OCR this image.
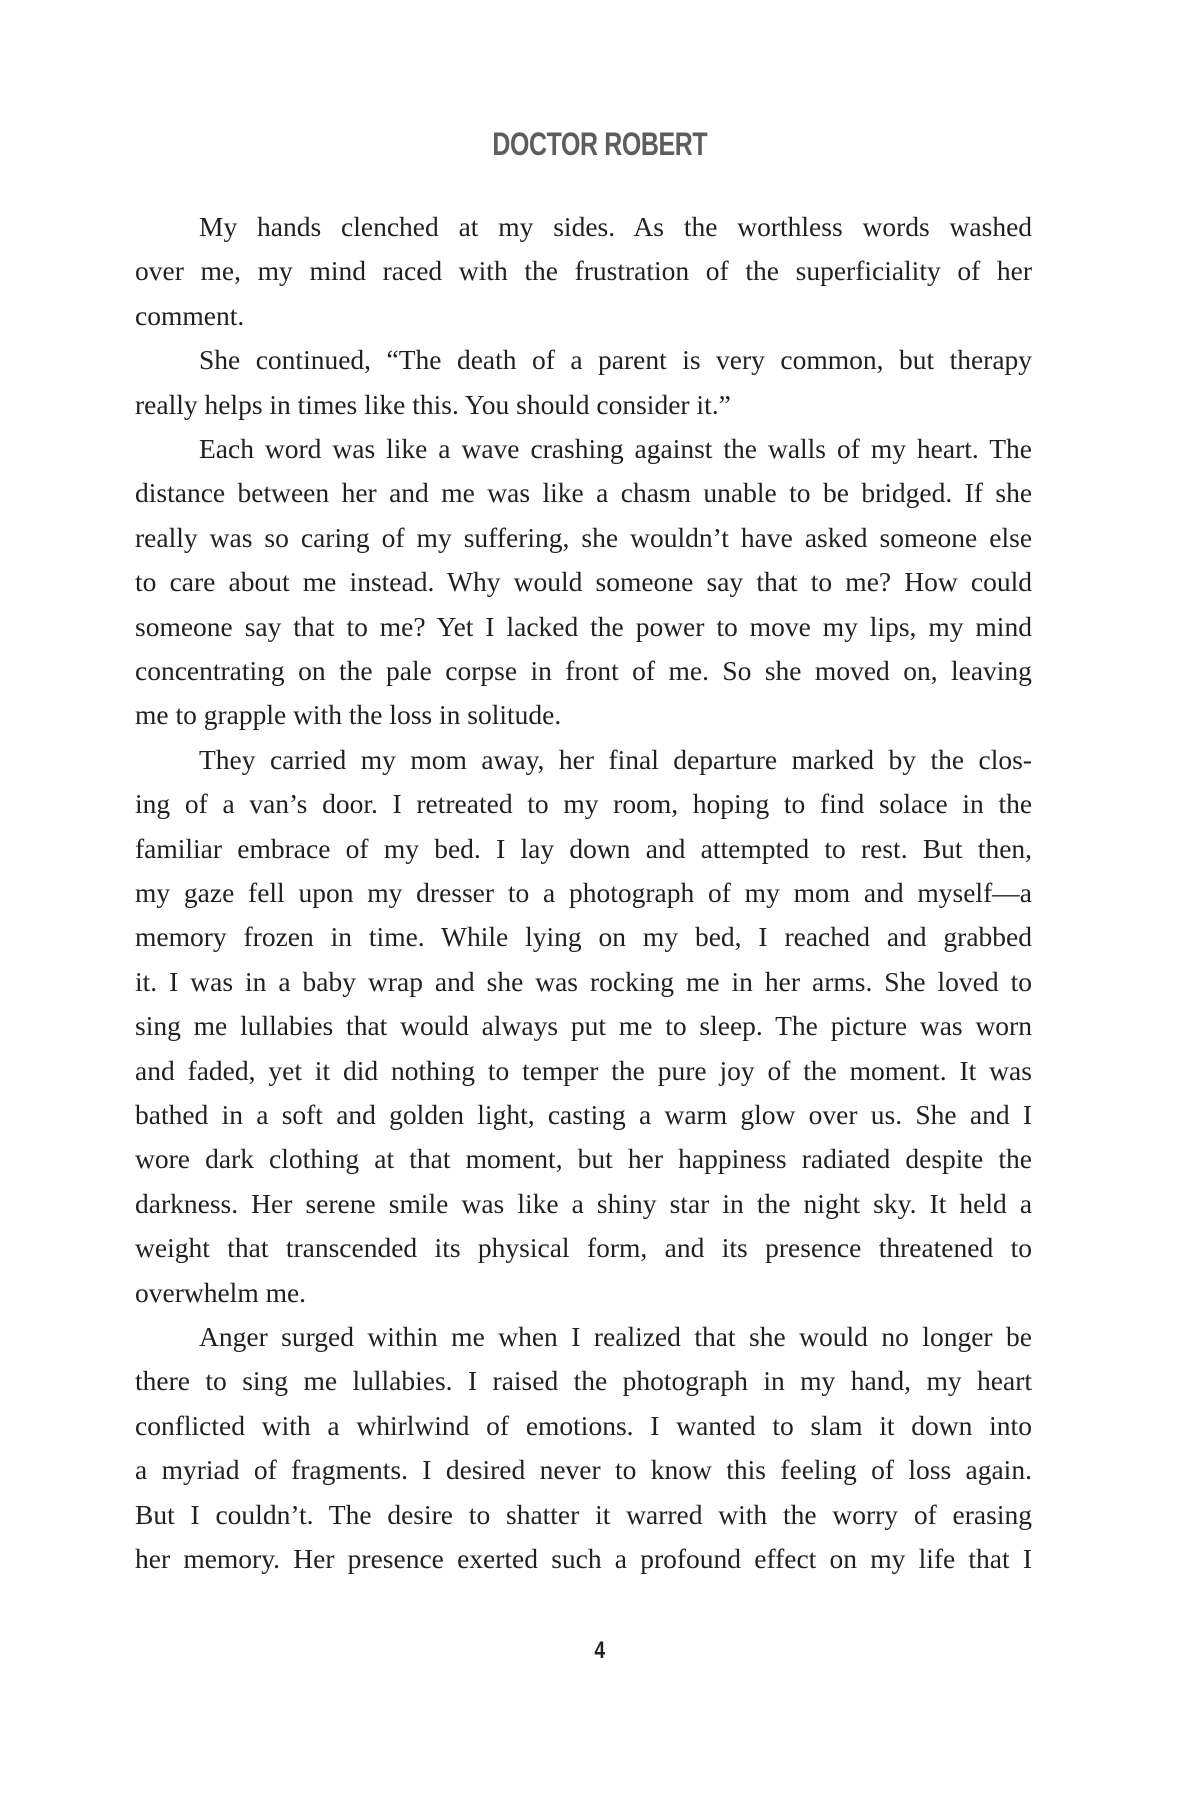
DOCTOR ROBERT
My hands clenched at my sides. As the worthless words washed
over me, my mind raced with the frustration of the superficiality of her
comment.
She continued, “The death of a parent is very common, but therapy
really helps in times like this. You should consider it.”
Each word was like a wave crashing against the walls of my heart. The
distance between her and me was like a chasm unable to be bridged. If she
really was so caring of my suffering, she wouldn’t have asked someone else
to care about me instead. Why would someone say that to me? How could
someone say that to me? Yet I lacked the power to move my lips, my mind
concentrating on the pale corpse in front of me. So she moved on, leaving
me to grapple with the loss in solitude.
They carried my mom away, her final departure marked by the clos-
ing of a van’s door. I retreated to my room, hoping to find solace in the
familiar embrace of my bed. I lay down and attempted to rest. But then,
my gaze fell upon my dresser to a photograph of my mom and myself—a
memory frozen in time. While lying on my bed, I reached and grabbed
it. I was in a baby wrap and she was rocking me in her arms. She loved to
sing me lullabies that would always put me to sleep. The picture was worn
and faded, yet it did nothing to temper the pure joy of the moment. It was
bathed in a soft and golden light, casting a warm glow over us. She and I
wore dark clothing at that moment, but her happiness radiated despite the
darkness. Her serene smile was like a shiny star in the night sky. It held a
weight that transcended its physical form, and its presence threatened to
overwhelm me.
Anger surged within me when I realized that she would no longer be
there to sing me lullabies. I raised the photograph in my hand, my heart
conflicted with a whirlwind of emotions. I wanted to slam it down into
a myriad of fragments. I desired never to know this feeling of loss again.
But I couldn’t. The desire to shatter it warred with the worry of erasing
her memory. Her presence exerted such a profound effect on my life that I
4
